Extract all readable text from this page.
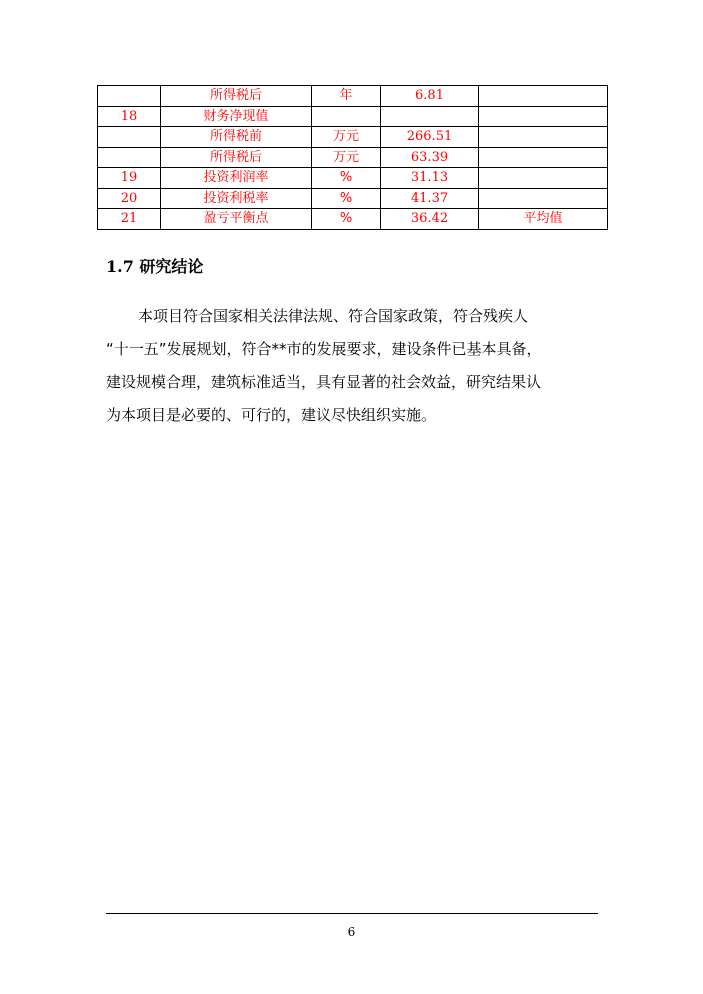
	所得税后	年	6.81	
18	财务净现值			
	所得税前	万元	266.51	
	所得税后	万元	63.39	
19	投资利润率	%	31.13	
20	投资利税率	%	41.37	
21	盈亏平衡点	%	36.42	平均值
1.7 研究结论

本项目符合国家相关法律法规、符合国家政策，符合残疾人
“十一五”发展规划，符合**市的发展要求，建设条件已基本具备，
建设规模合理，建筑标准适当，具有显著的社会效益，研究结果认
为本项目是必要的、可行的，建议尽快组织实施。

6
